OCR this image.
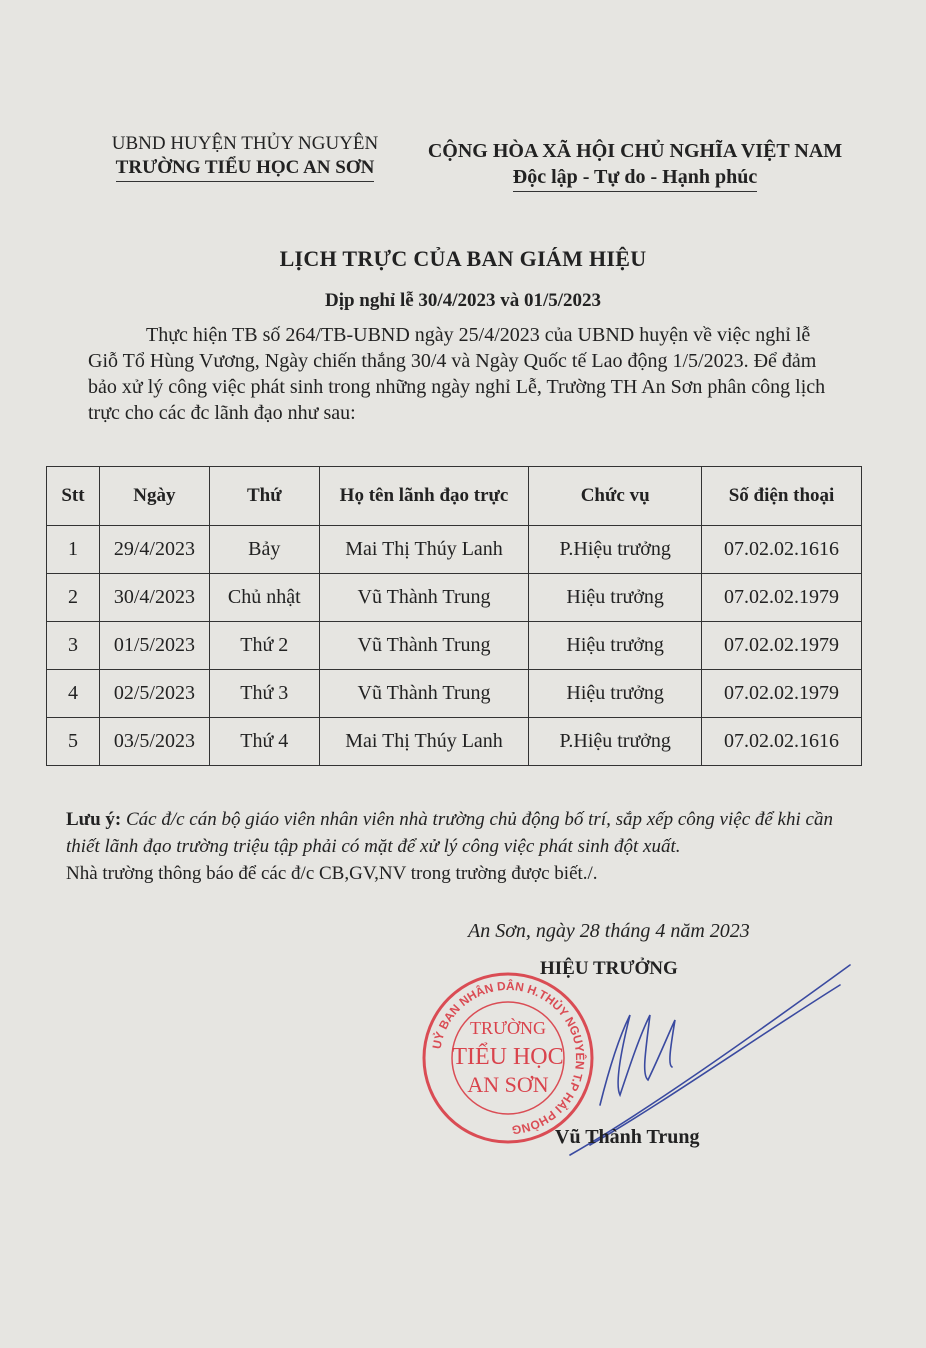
UBND HUYỆN THỦY NGUYÊN
TRƯỜNG TIỂU HỌC AN SƠN
CỘNG HÒA XÃ HỘI CHỦ NGHĨA VIỆT NAM
Độc lập - Tự do - Hạnh phúc
LỊCH TRỰC CỦA BAN GIÁM HIỆU
Dịp nghỉ lễ 30/4/2023 và 01/5/2023
Thực hiện TB số 264/TB-UBND ngày 25/4/2023 của UBND huyện về việc nghỉ lễ Giỗ Tổ Hùng Vương, Ngày chiến thắng 30/4 và Ngày Quốc tế Lao động 1/5/2023. Để đảm bảo xử lý công việc phát sinh trong những ngày nghỉ Lễ, Trường TH An Sơn phân công lịch trực cho các đc lãnh đạo như sau:
Stt	Ngày	Thứ	Họ tên lãnh đạo trực	Chức vụ	Số điện thoại
1	29/4/2023	Bảy	Mai Thị Thúy Lanh	P.Hiệu trưởng	07.02.02.1616
2	30/4/2023	Chủ nhật	Vũ Thành Trung	Hiệu trưởng	07.02.02.1979
3	01/5/2023	Thứ 2	Vũ Thành Trung	Hiệu trưởng	07.02.02.1979
4	02/5/2023	Thứ 3	Vũ Thành Trung	Hiệu trưởng	07.02.02.1979
5	03/5/2023	Thứ 4	Mai Thị Thúy Lanh	P.Hiệu trưởng	07.02.02.1616
Lưu ý: Các đ/c cán bộ giáo viên nhân viên nhà trường chủ động bố trí, sắp xếp công việc để khi cần thiết lãnh đạo trường triệu tập phải có mặt để xử lý công việc phát sinh đột xuất.
Nhà trường thông báo để các đ/c CB,GV,NV trong trường được biết./.
An Sơn, ngày 28 tháng 4 năm 2023
HIỆU TRƯỞNG
UỶ BAN NHÂN DÂN H.THỦY NGUYÊN T.P HẢI PHÒNG
TRƯỜNG
TIỂU HỌC
AN SƠN
Vũ Thành Trung
